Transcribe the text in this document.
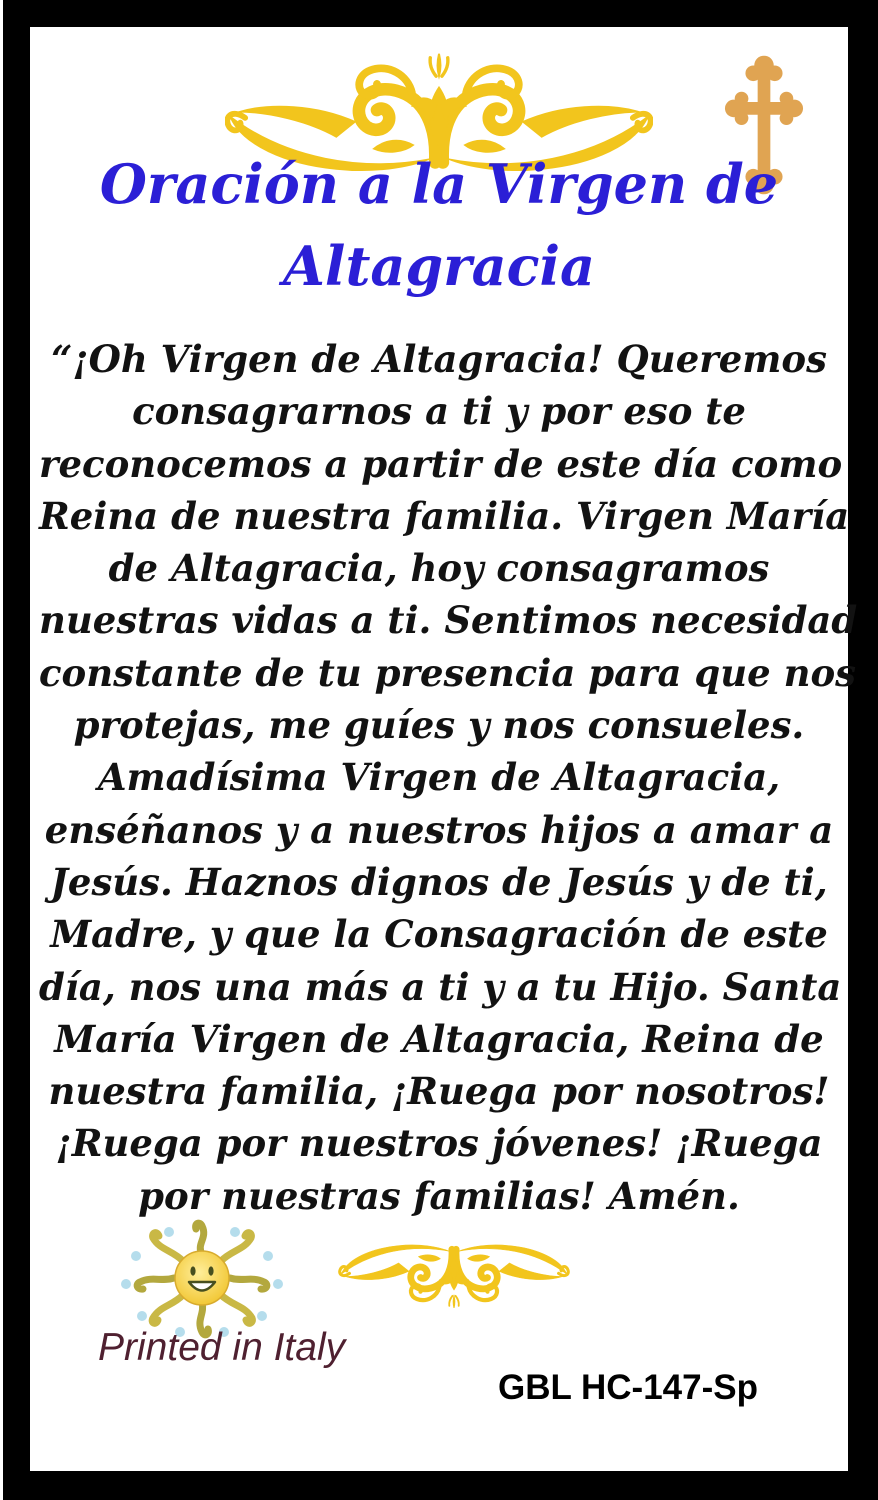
Oración a la Virgen de
Altagracia
“¡Oh Virgen de Altagracia! Queremos
consagrarnos a ti y por eso te
reconocemos a partir de este día como
Reina de nuestra familia. Virgen María
de Altagracia, hoy consagramos
nuestras vidas a ti. Sentimos necesidad
constante de tu presencia para que nos
protejas, me guíes y nos consueles.
Amadísima Virgen de Altagracia,
enséñanos y a nuestros hijos a amar a
Jesús. Haznos dignos de Jesús y de ti,
Madre, y que la Consagración de este
día, nos una más a ti y a tu Hijo. Santa
María Virgen de Altagracia, Reina de
nuestra familia, ¡Ruega por nosotros!
¡Ruega por nuestros jóvenes! ¡Ruega
por nuestras familias! Amén.
Printed in Italy
GBL HC-147-Sp
